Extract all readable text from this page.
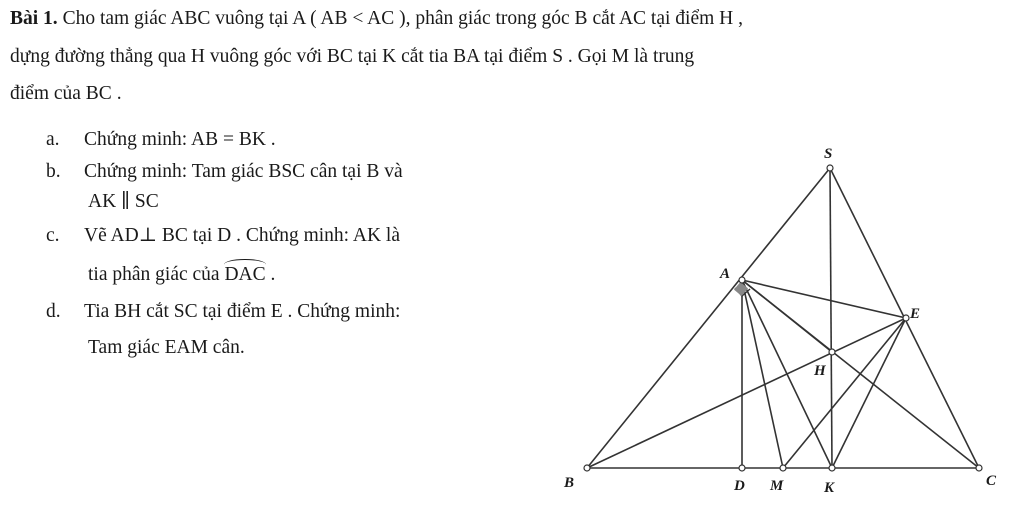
Bài 1. Cho tam giác ABC vuông tại A ( AB < AC ), phân giác trong góc B cắt AC tại điểm H ,
dựng đường thẳng qua H vuông góc với BC tại K cắt tia BA tại điểm S . Gọi M là trung
điểm của BC .
a. Chứng minh: AB = BK .
b. Chứng minh: Tam giác BSC cân tại B và
AK ∥ SC
c. Vẽ AD⊥ BC tại D . Chứng minh: AK là
tia phân giác của DAC .
d. Tia BH cắt SC tại điểm E . Chứng minh:
Tam giác EAM cân.
S
A
E
H
B	D M	K	C
